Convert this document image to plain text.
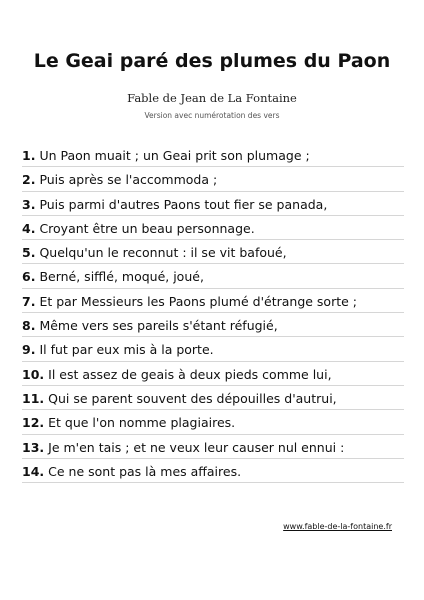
Le Geai paré des plumes du Paon
Fable de Jean de La Fontaine
Version avec numérotation des vers
1. Un Paon muait ; un Geai prit son plumage ;
2. Puis après se l'accommoda ;
3. Puis parmi d'autres Paons tout fier se panada,
4. Croyant être un beau personnage.
5. Quelqu'un le reconnut : il se vit bafoué,
6. Berné, sifflé, moqué, joué,
7. Et par Messieurs les Paons plumé d'étrange sorte ;
8. Même vers ses pareils s'étant réfugié,
9. Il fut par eux mis à la porte.
10. Il est assez de geais à deux pieds comme lui,
11. Qui se parent souvent des dépouilles d'autrui,
12. Et que l'on nomme plagiaires.
13. Je m'en tais ; et ne veux leur causer nul ennui :
14. Ce ne sont pas là mes affaires.
www.fable-de-la-fontaine.fr
